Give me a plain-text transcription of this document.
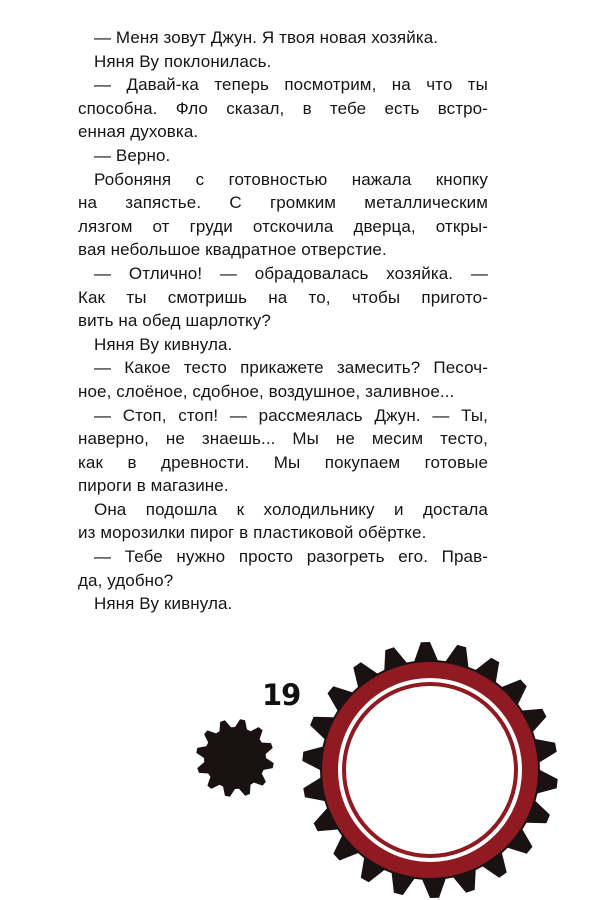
— Меня зовут Джун. Я твоя новая хозяйка.
Няня Ву поклонилась.
— Давай-ка теперь посмотрим, на что ты
способна. Фло сказал, в тебе есть встро-
енная духовка.
— Верно.
Робоняня с готовностью нажала кнопку
на запястье. С громким металлическим
лязгом от груди отскочила дверца, откры-
вая небольшое квадратное отверстие.
— Отлично! — обрадовалась хозяйка. —
Как ты смотришь на то, чтобы пригото-
вить на обед шарлотку?
Няня Ву кивнула.
— Какое тесто прикажете замесить? Песоч-
ное, слоёное, сдобное, воздушное, заливное...
— Стоп, стоп! — рассмеялась Джун. — Ты,
наверно, не знаешь... Мы не месим тесто,
как в древности. Мы покупаем готовые
пироги в магазине.
Она подошла к холодильнику и достала
из морозилки пирог в пластиковой обёртке.
— Тебе нужно просто разогреть его. Прав-
да, удобно?
Няня Ву кивнула.
19
